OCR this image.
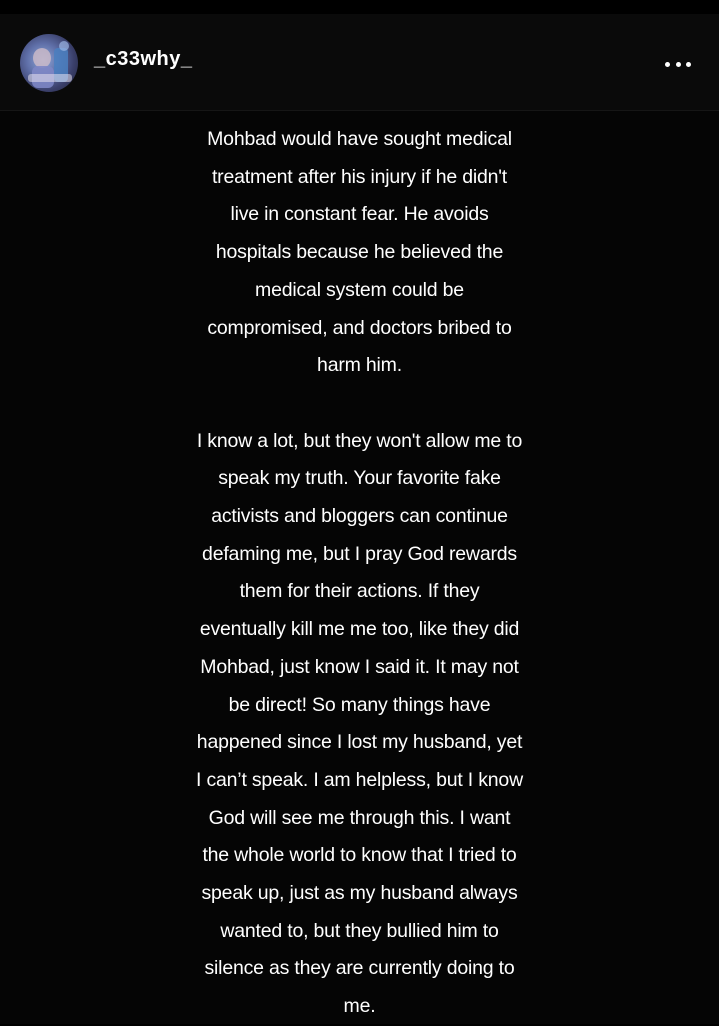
_c33why_

Mohbad would have sought medical
treatment after his injury if he didn't
live in constant fear. He avoids
hospitals because he believed the
medical system could be
compromised, and doctors bribed to
harm him.

I know a lot, but they won't allow me to
speak my truth. Your favorite fake
activists and bloggers can continue
defaming me, but I pray God rewards
them for their actions. If they
eventually kill me me too, like they did
Mohbad, just know I said it. It may not
be direct! So many things have
happened since I lost my husband, yet
I can’t speak. I am helpless, but I know
God will see me through this. I want
the whole world to know that I tried to
speak up, just as my husband always
wanted to, but they bullied him to
silence as they are currently doing to
me.
